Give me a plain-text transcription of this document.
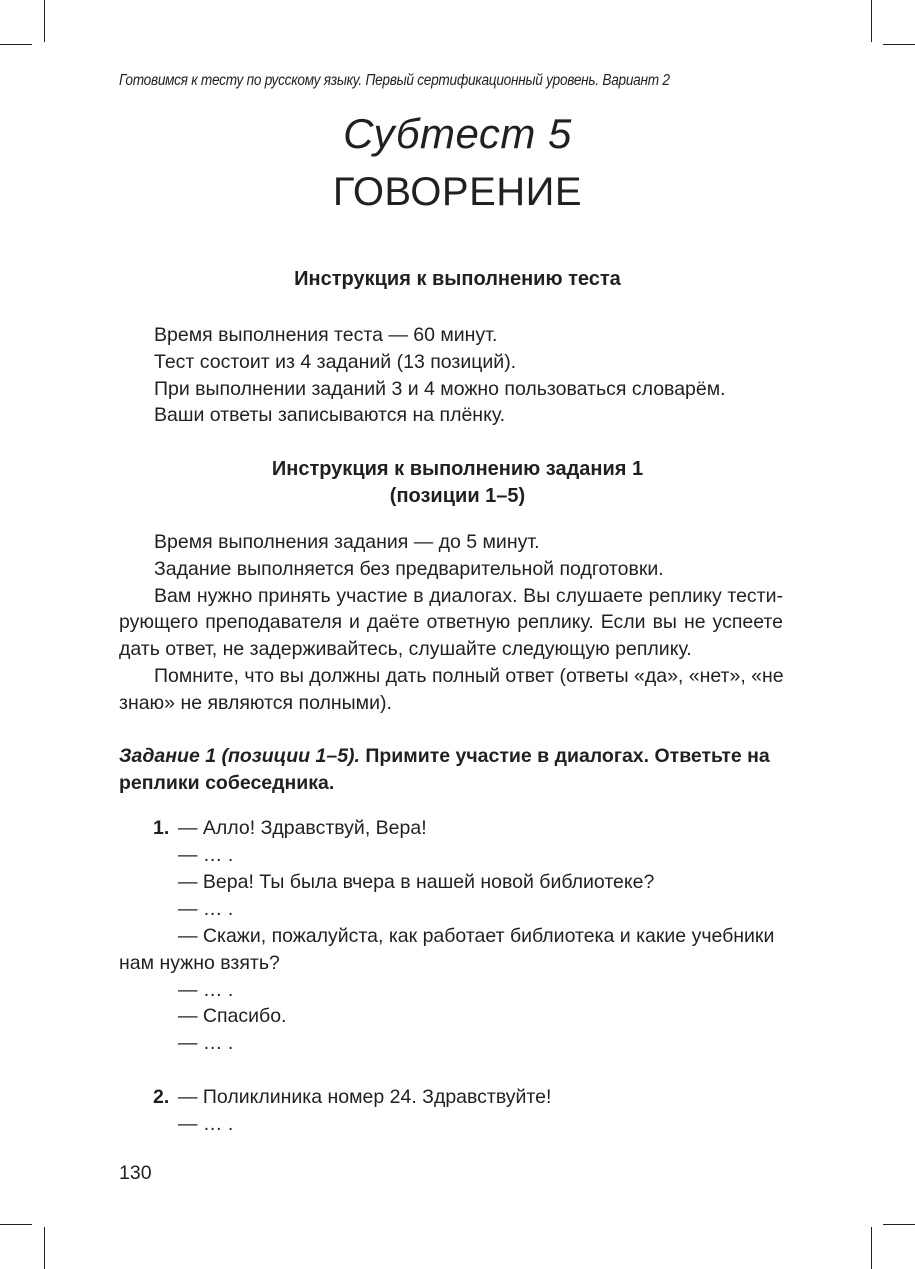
Готовимся к тесту по русскому языку. Первый сертификационный уровень. Вариант 2
Субтест 5
ГОВОРЕНИЕ
Инструкция к выполнению теста
Время выполнения теста — 60 минут.
Тест состоит из 4 заданий (13 позиций).
При выполнении заданий 3 и 4 можно пользоваться словарём.
Ваши ответы записываются на плёнку.
Инструкция к выполнению задания 1
(позиции 1–5)
Время выполнения задания — до 5 минут.
Задание выполняется без предварительной подготовки.
Вам нужно принять участие в диалогах. Вы слушаете реплику тести-
рующего преподавателя и даёте ответную реплику. Если вы не успеете
дать ответ, не задерживайтесь, слушайте следующую реплику.
Помните, что вы должны дать полный ответ (ответы «да», «нет», «не
знаю» не являются полными).
Задание 1 (позиции 1–5). Примите участие в диалогах. Ответьте на реплики собеседника.
1. — Алло! Здравствуй, Вера!
— … .
— Вера! Ты была вчера в нашей новой библиотеке?
— … .
— Скажи, пожалуйста, как работает библиотека и какие учебники нам нужно взять?
— … .
— Спасибо.
— … .
2. — Поликлиника номер 24. Здравствуйте!
— … .
130
